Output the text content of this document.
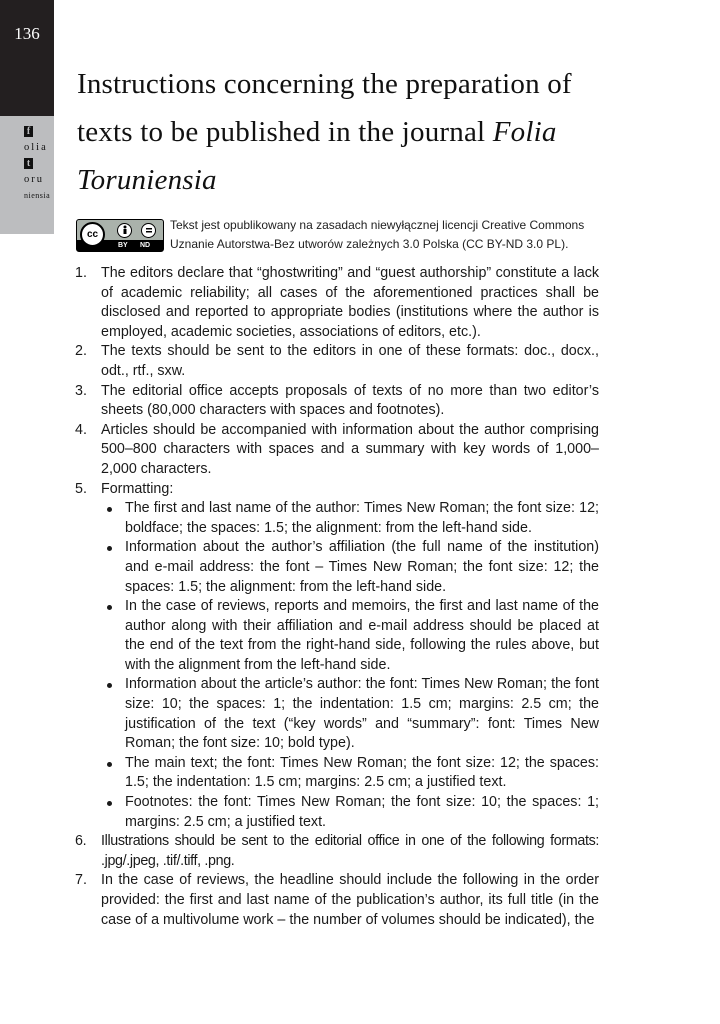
136
folia
toru
niensia
Instructions concerning the preparation of
texts to be published in the journal Folia
Toruniensia
cc
BY ND
Tekst jest opublikowany na zasadach niewyłącznej licencji Creative Commons
Uznanie Autorstwa-Bez utworów zależnych 3.0 Polska (CC BY-ND 3.0 PL).
1. The editors declare that “ghostwriting” and “guest authorship” constitute a lack of academic reliability; all cases of the aforementioned practices shall be disclosed and reported to appropriate bodies (institutions where the author is employed, academic societies, associations of editors, etc.).
2. The texts should be sent to the editors in one of these formats: doc., docx., odt., rtf., sxw.
3. The editorial office accepts proposals of texts of no more than two editor’s sheets (80,000 characters with spaces and footnotes).
4. Articles should be accompanied with information about the author comprising 500–800 characters with spaces and a summary with key words of 1,000–2,000 characters.
5. Formatting:
The first and last name of the author: Times New Roman; the font size: 12; boldface; the spaces: 1.5; the alignment: from the left-hand side.
Information about the author’s affiliation (the full name of the institution) and e-mail address: the font – Times New Roman; the font size: 12; the spaces: 1.5; the alignment: from the left-hand side.
In the case of reviews, reports and memoirs, the first and last name of the author along with their affiliation and e-mail address should be placed at the end of the text from the right-hand side, following the rules above, but with the alignment from the left-hand side.
Information about the article’s author: the font: Times New Roman; the font size: 10; the spaces: 1; the indentation: 1.5 cm; margins: 2.5 cm; the justification of the text (“key words” and “summary”: font: Times New Roman; the font size: 10; bold type).
The main text; the font: Times New Roman; the font size: 12; the spaces: 1.5; the indentation: 1.5 cm; margins: 2.5 cm; a justified text.
Footnotes: the font: Times New Roman; the font size: 10; the spaces: 1; margins: 2.5 cm; a justified text.
6. Illustrations should be sent to the editorial office in one of the following formats: .jpg/.jpeg, .tif/.tiff, .png.
7. In the case of reviews, the headline should include the following in the order provided: the first and last name of the publication’s author, its full title (in the case of a multivolume work – the number of volumes should be indicated), the
